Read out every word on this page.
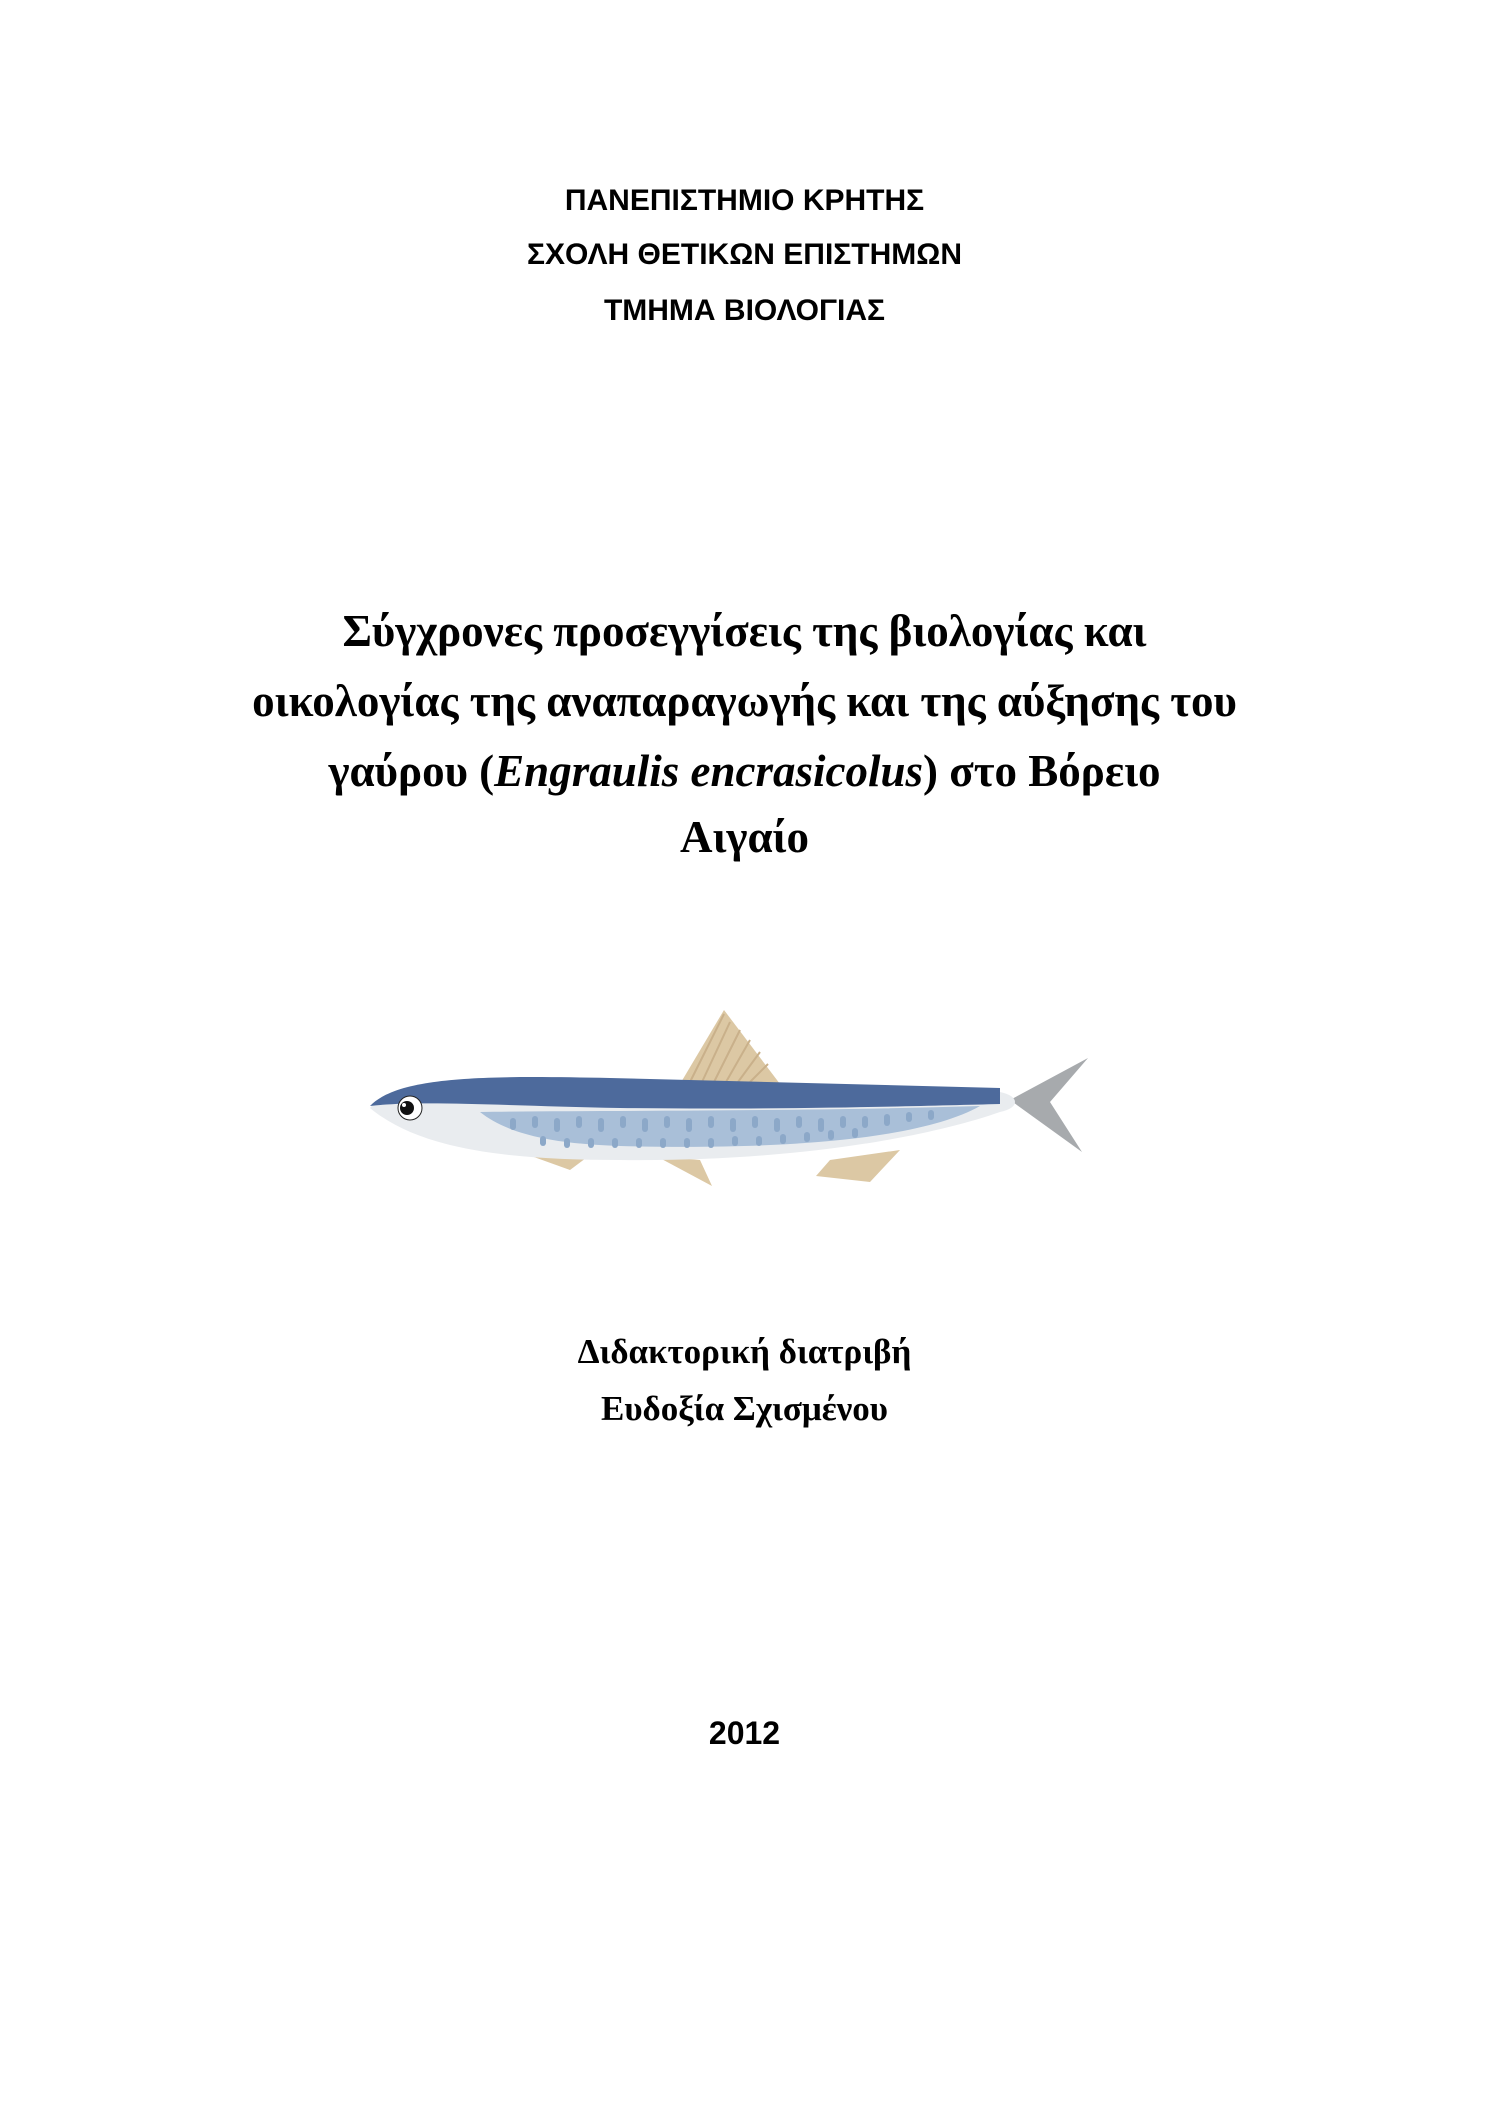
ΠΑΝΕΠΙΣΤΗΜΙΟ ΚΡΗΤΗΣ
ΣΧΟΛΗ ΘΕΤΙΚΩΝ ΕΠΙΣΤΗΜΩΝ
ΤΜΗΜΑ ΒΙΟΛΟΓΙΑΣ
Σύγχρονες προσεγγίσεις της βιολογίας και
οικολογίας της αναπαραγωγής και της αύξησης του
γαύρου (Engraulis encrasicolus) στο Βόρειο
Αιγαίο
Διδακτορική διατριβή
Ευδοξία Σχισμένου
2012
